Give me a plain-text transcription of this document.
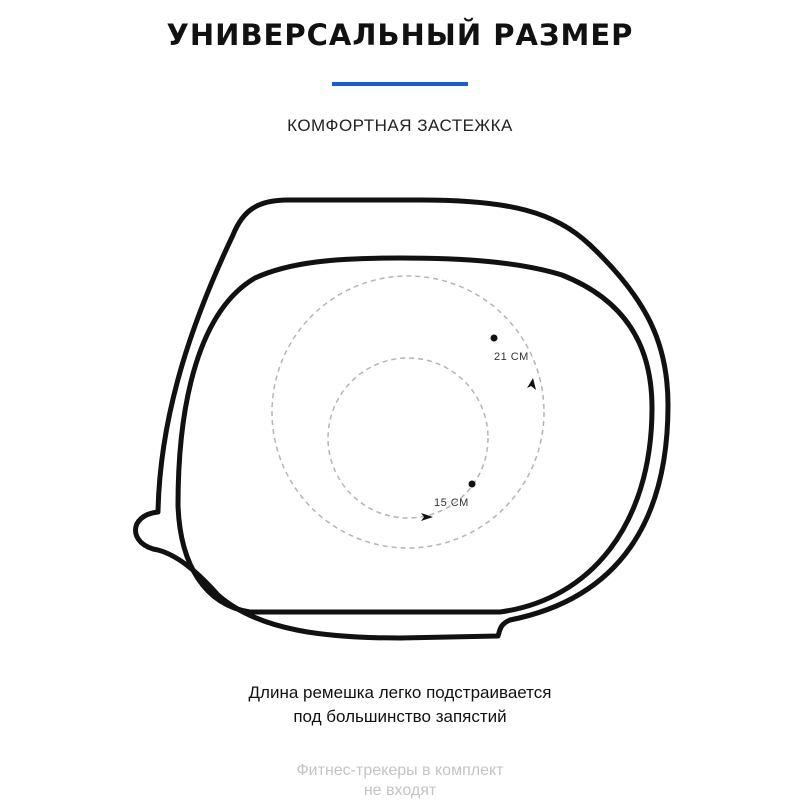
УНИВЕРСАЛЬНЫЙ РАЗМЕР
КОМФОРТНАЯ ЗАСТЕЖКА
21 СМ
15 СМ
Длина ремешка легко подстраивается
под большинство запястий
Фитнес-трекеры в комплект
не входят
